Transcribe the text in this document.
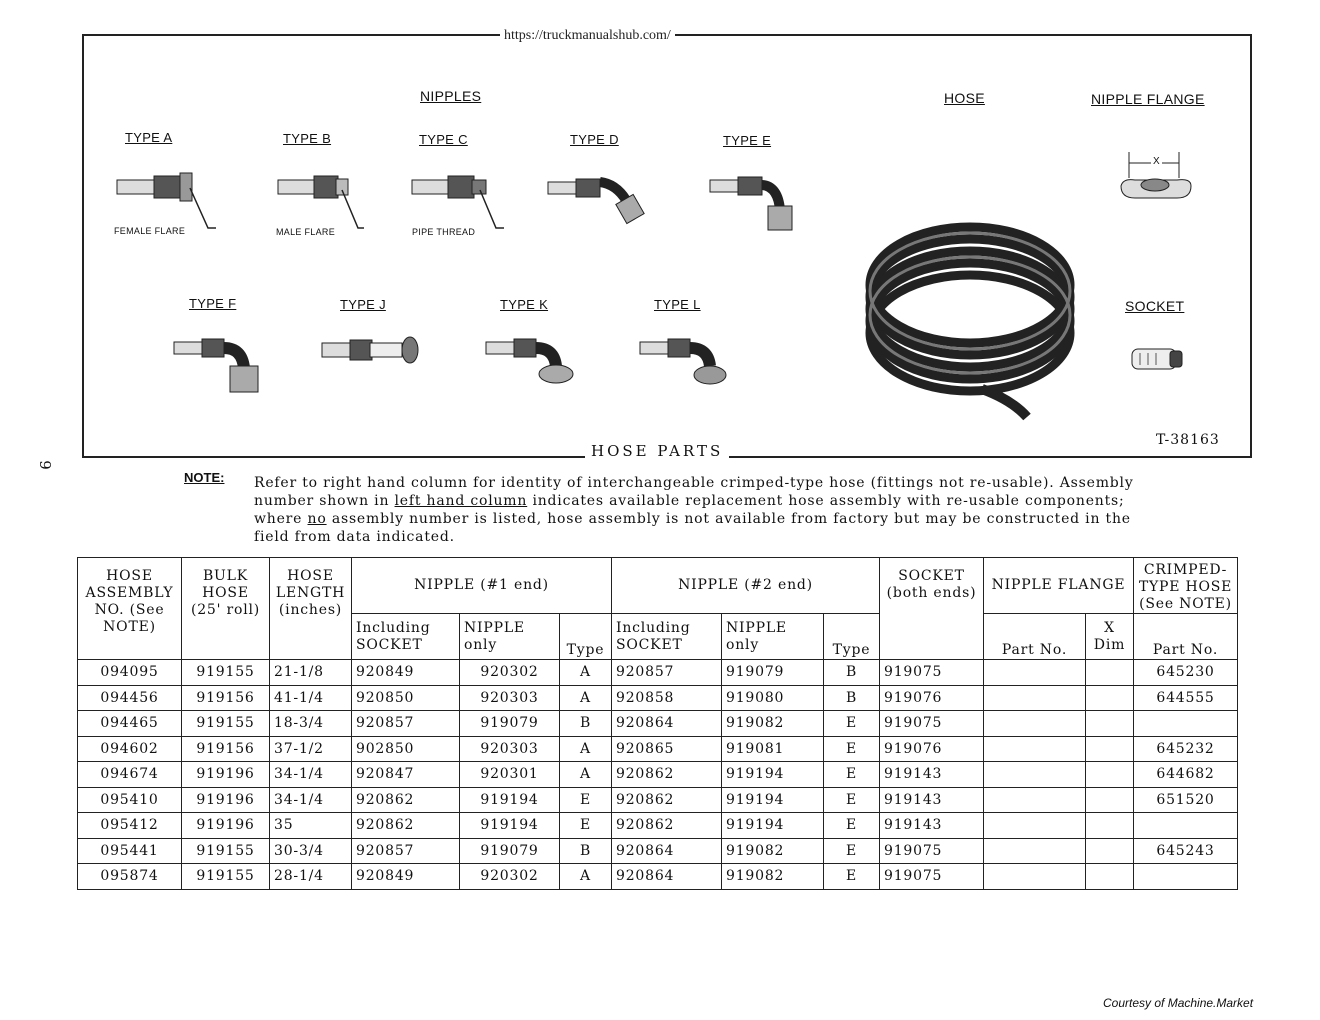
https://truckmanualshub.com/
NIPPLES	HOSE	NIPPLE FLANGE
SOCKET
TYPE A	TYPE B	TYPE C	TYPE D	TYPE E
FEMALE FLARE	MALE FLARE	PIPE THREAD
TYPE F	TYPE J	TYPE K	TYPE L
X
HOSE PARTS
T-38163
9
NOTE: Refer to right hand column for identity of interchangeable crimped-type hose (fittings not re-usable). Assembly number shown in left hand column indicates available replacement hose assembly with re-usable components; where no assembly number is listed, hose assembly is not available from factory but may be constructed in the field from data indicated.
HOSE ASSEMBLY NO. (See NOTE)	BULK HOSE (25' roll)	HOSE LENGTH (inches)	NIPPLE (#1 end)			NIPPLE (#2 end)			SOCKET (both ends)	NIPPLE FLANGE		CRIMPED-TYPE HOSE (See NOTE)
			Including SOCKET	NIPPLE only	Type	Including SOCKET	NIPPLE only	Type		Part No.	X Dim	Part No.
094095	919155	21-1/8	920849	920302	A	920857	919079	B	919075			645230
094456	919156	41-1/4	920850	920303	A	920858	919080	B	919076			644555
094465	919155	18-3/4	920857	919079	B	920864	919082	E	919075			
094602	919156	37-1/2	902850	920303	A	920865	919081	E	919076			645232
094674	919196	34-1/4	920847	920301	A	920862	919194	E	919143			644682
095410	919196	34-1/4	920862	919194	E	920862	919194	E	919143			651520
095412	919196	35	920862	919194	E	920862	919194	E	919143			
095441	919155	30-3/4	920857	919079	B	920864	919082	E	919075			645243
095874	919155	28-1/4	920849	920302	A	920864	919082	E	919075			
Courtesy of Machine.Market
